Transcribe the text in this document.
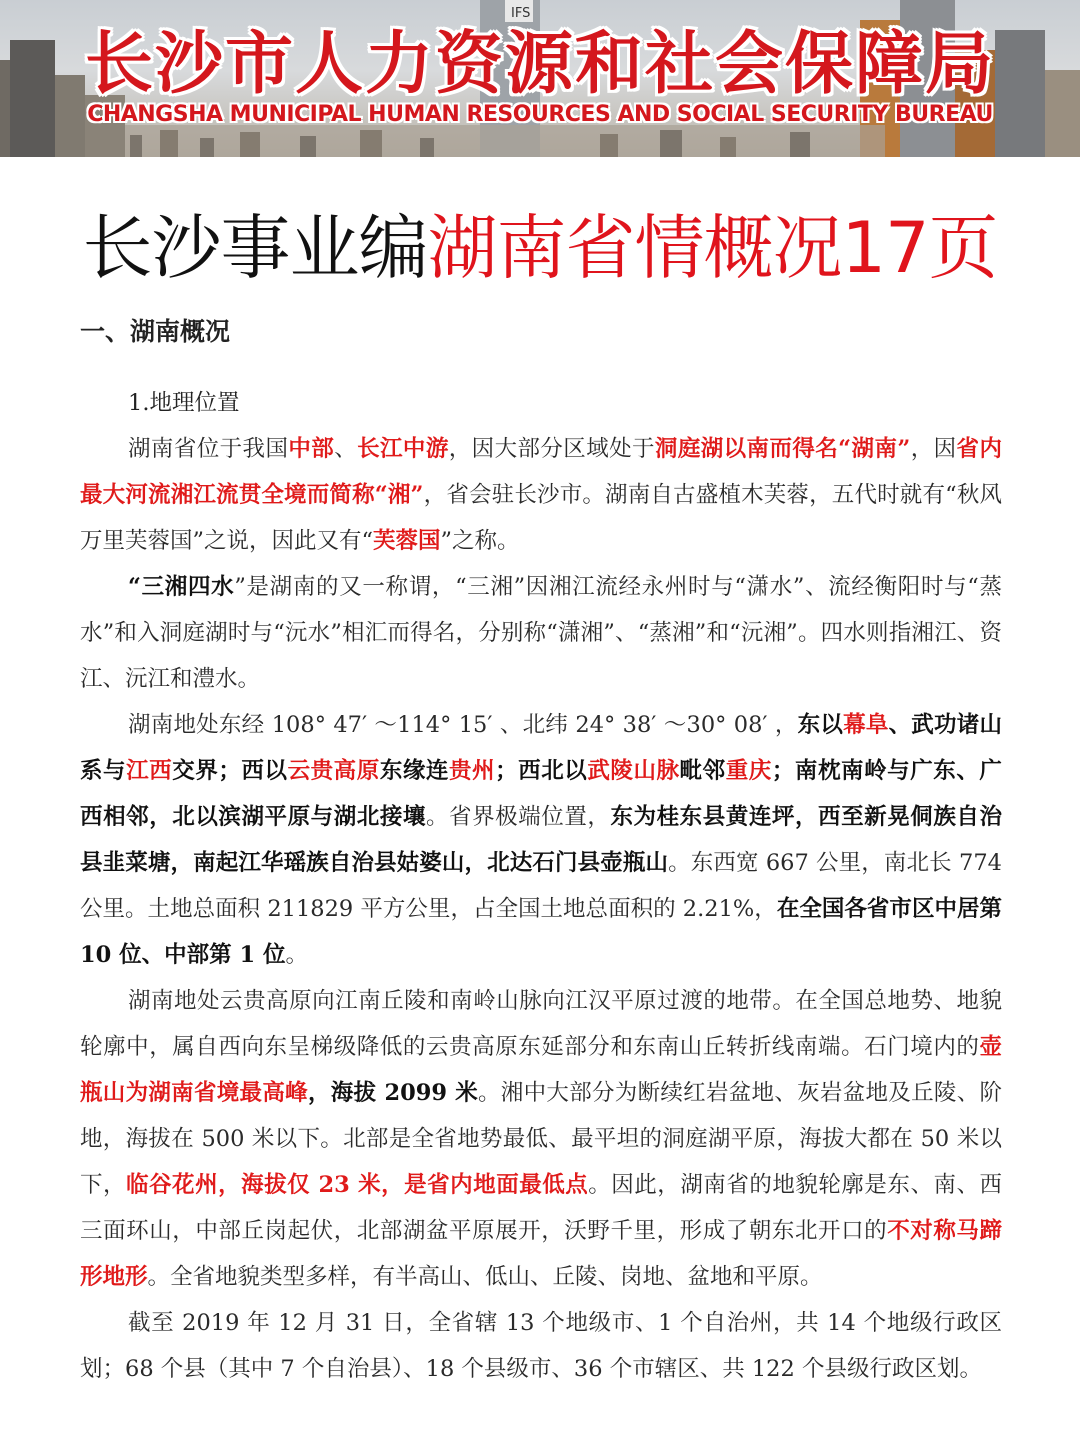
IFS
长沙市人力资源和社会保障局
CHANGSHA MUNICIPAL HUMAN RESOURCES AND SOCIAL SECURITY BUREAU
长沙事业编湖南省情概况17页
一、湖南概况
1.地理位置

湖南省位于我国中部、长江中游，因大部分区域处于洞庭湖以南而得名“湖南”，因省内最大河流湘江流贯全境而简称“湘”，省会驻长沙市。湖南自古盛植木芙蓉，五代时就有“秋风万里芙蓉国”之说，因此又有“芙蓉国”之称。

“三湘四水”是湖南的又一称谓，“三湘”因湘江流经永州时与“潇水”、流经衡阳时与“蒸水”和入洞庭湖时与“沅水”相汇而得名，分别称“潇湘”、“蒸湘”和“沅湘”。四水则指湘江、资江、沅江和澧水。

湖南地处东经 108° 47′ ～114° 15′ 、北纬 24° 38′ ～30° 08′ ，东以幕阜、武功诸山系与江西交界；西以云贵高原东缘连贵州；西北以武陵山脉毗邻重庆；南枕南岭与广东、广西相邻，北以滨湖平原与湖北接壤。省界极端位置，东为桂东县黄连坪，西至新晃侗族自治县韭菜塘，南起江华瑶族自治县姑婆山，北达石门县壶瓶山。东西宽 667 公里，南北长 774 公里。土地总面积 211829 平方公里，占全国土地总面积的 2.21%，在全国各省市区中居第 10 位、中部第 1 位。

湖南地处云贵高原向江南丘陵和南岭山脉向江汉平原过渡的地带。在全国总地势、地貌轮廓中，属自西向东呈梯级降低的云贵高原东延部分和东南山丘转折线南端。石门境内的壶瓶山为湖南省境最高峰，海拔 2099 米。湘中大部分为断续红岩盆地、灰岩盆地及丘陵、阶地，海拔在 500 米以下。北部是全省地势最低、最平坦的洞庭湖平原，海拔大都在 50 米以下，临谷花州，海拔仅 23 米，是省内地面最低点。因此，湖南省的地貌轮廓是东、南、西三面环山，中部丘岗起伏，北部湖盆平原展开，沃野千里，形成了朝东北开口的不对称马蹄形地形。全省地貌类型多样，有半高山、低山、丘陵、岗地、盆地和平原。

截至 2019 年 12 月 31 日，全省辖 13 个地级市、1 个自治州，共 14 个地级行政区划；68 个县（其中 7 个自治县）、18 个县级市、36 个市辖区、共 122 个县级行政区划。
